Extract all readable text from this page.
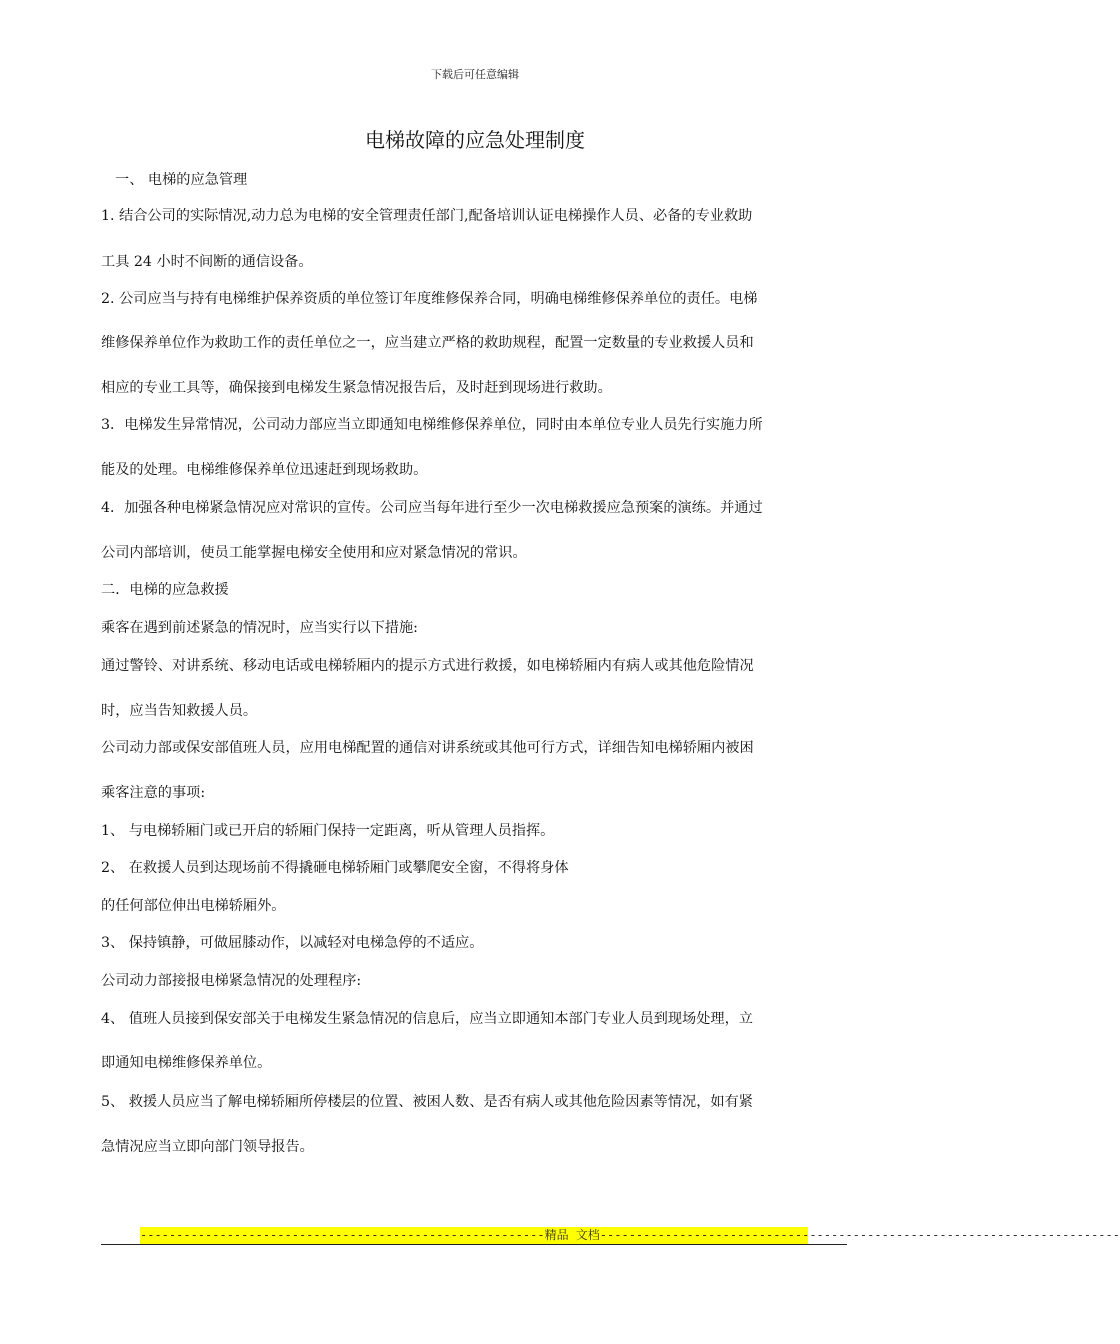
下载后可任意编辑
电梯故障的应急处理制度
一、 电梯的应急管理
1. 结合公司的实际情况,动力总为电梯的安全管理责任部门,配备培训认证电梯操作人员、必备的专业救助
工具 24 小时不间断的通信设备。
2. 公司应当与持有电梯维护保养资质的单位签订年度维修保养合同，明确电梯维修保养单位的责任。电梯
维修保养单位作为救助工作的责任单位之一，应当建立严格的救助规程，配置一定数量的专业救援人员和
相应的专业工具等，确保接到电梯发生紧急情况报告后，及时赶到现场进行救助。
3．电梯发生异常情况，公司动力部应当立即通知电梯维修保养单位，同时由本单位专业人员先行实施力所
能及的处理。电梯维修保养单位迅速赶到现场救助。
4．加强各种电梯紧急情况应对常识的宣传。公司应当每年进行至少一次电梯救援应急预案的演练。并通过
公司内部培训，使员工能掌握电梯安全使用和应对紧急情况的常识。
二．电梯的应急救援
乘客在遇到前述紧急的情况时，应当实行以下措施:
通过警铃、对讲系统、移动电话或电梯轿厢内的提示方式进行救援，如电梯轿厢内有病人或其他危险情况
时，应当告知救援人员。
公司动力部或保安部值班人员，应用电梯配置的通信对讲系统或其他可行方式，详细告知电梯轿厢内被困
乘客注意的事项:
1、 与电梯轿厢门或已开启的轿厢门保持一定距离，听从管理人员指挥。
2、 在救援人员到达现场前不得撬砸电梯轿厢门或攀爬安全窗，不得将身体
的任何部位伸出电梯轿厢外。
3、 保持镇静，可做屈膝动作，以减轻对电梯急停的不适应。
公司动力部接报电梯紧急情况的处理程序:
4、 值班人员接到保安部关于电梯发生紧急情况的信息后，应当立即通知本部门专业人员到现场处理，立
即通知电梯维修保养单位。
5、 救援人员应当了解电梯轿厢所停楼层的位置、被困人数、是否有病人或其他危险因素等情况，如有紧
急情况应当立即向部门领导报告。
--------------------------------------------------------精品 文档------------------------------------------------------------------------
